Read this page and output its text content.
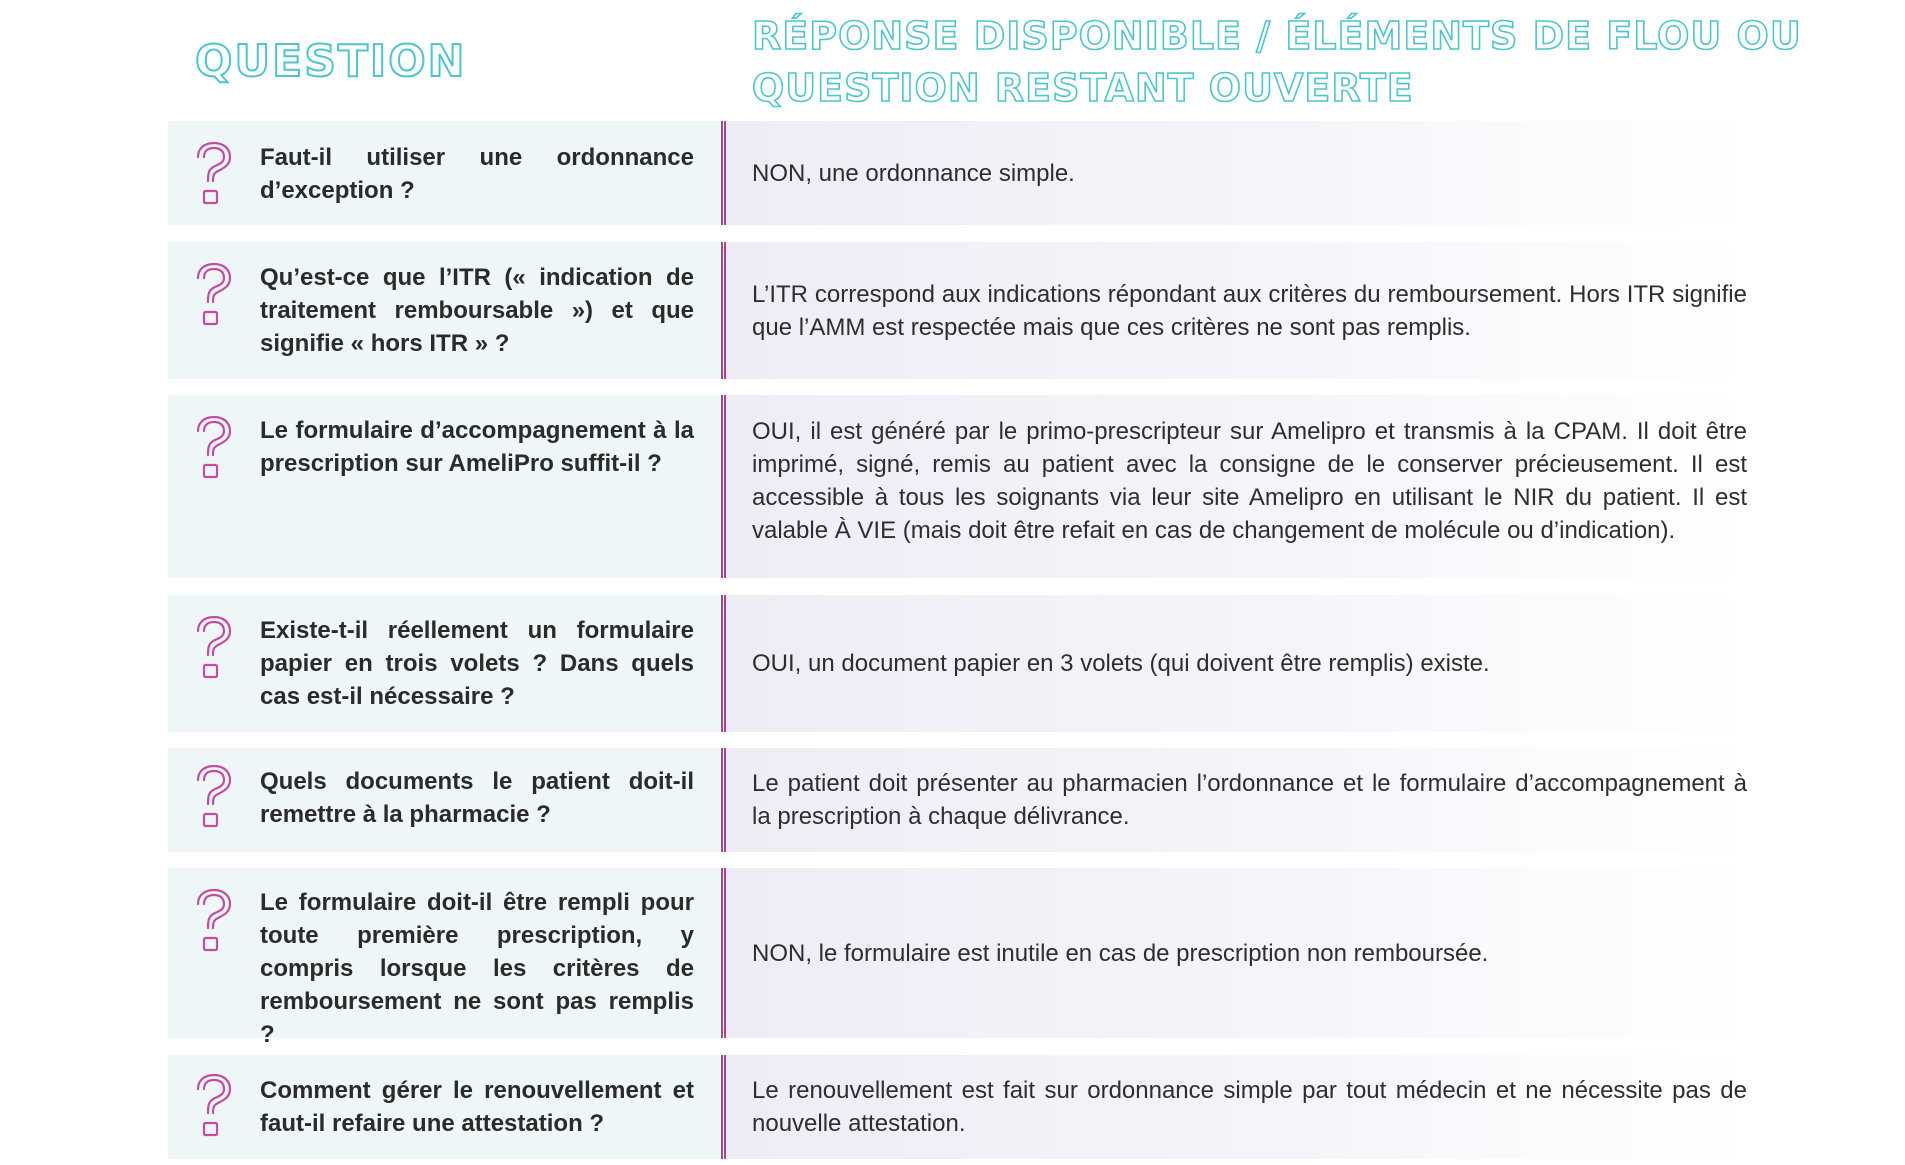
QUESTION	RÉPONSE DISPONIBLE / ÉLÉMENTS DE FLOU OU QUESTION RESTANT OUVERTE
Faut-il utiliser une ordonnance d’exception ?
NON, une ordonnance simple.
Qu’est-ce que l’ITR (« indication de traitement remboursable ») et que signifie « hors ITR » ?
L’ITR correspond aux indications répondant aux critères du remboursement. Hors ITR signifie que l’AMM est respectée mais que ces critères ne sont pas remplis.
Le formulaire d’accompagnement à la prescription sur AmeliPro suffit-il ?
OUI, il est généré par le primo-prescripteur sur Amelipro et transmis à la CPAM. Il doit être imprimé, signé, remis au patient avec la consigne de le conserver précieusement. Il est accessible à tous les soignants via leur site Amelipro en utilisant le NIR du patient. Il est valable À VIE (mais doit être refait en cas de changement de molécule ou d’indication).
Existe-t-il réellement un formulaire papier en trois volets ? Dans quels cas est-il nécessaire ?
OUI, un document papier en 3 volets (qui doivent être remplis) existe.
Quels documents le patient doit-il remettre à la pharmacie ?
Le patient doit présenter au pharmacien l’ordonnance et le formulaire d’accompagnement à la prescription à chaque délivrance.
Le formulaire doit-il être rempli pour toute première prescription, y compris lorsque les critères de remboursement ne sont pas remplis ?
NON, le formulaire est inutile en cas de prescription non remboursée.
Comment gérer le renouvellement et faut-il refaire une attestation ?
Le renouvellement est fait sur ordonnance simple par tout médecin et ne nécessite pas de nouvelle attestation.
